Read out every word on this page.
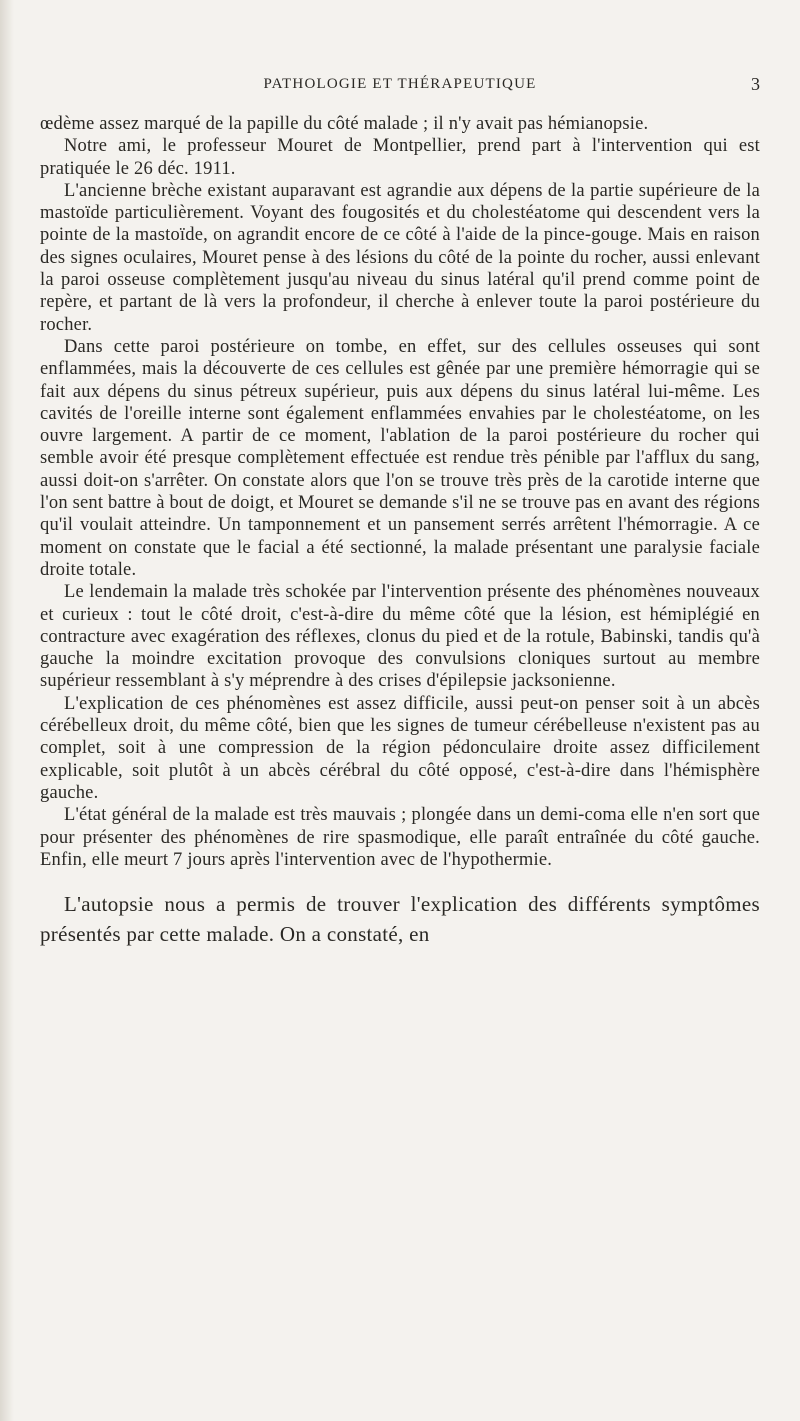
PATHOLOGIE ET THÉRAPEUTIQUE	3

œdème assez marqué de la papille du côté malade ; il n'y avait pas hémianopsie.

Notre ami, le professeur Mouret de Montpellier, prend part à l'intervention qui est pratiquée le 26 déc. 1911.

L'ancienne brèche existant auparavant est agrandie aux dépens de la partie supérieure de la mastoïde particulièrement. Voyant des fougosités et du cholestéatome qui descendent vers la pointe de la mastoïde, on agrandit encore de ce côté à l'aide de la pince-gouge. Mais en raison des signes oculaires, Mouret pense à des lésions du côté de la pointe du rocher, aussi enlevant la paroi osseuse complètement jusqu'au niveau du sinus latéral qu'il prend comme point de repère, et partant de là vers la profondeur, il cherche à enlever toute la paroi postérieure du rocher.

Dans cette paroi postérieure on tombe, en effet, sur des cellules osseuses qui sont enflammées, mais la découverte de ces cellules est gênée par une première hémorragie qui se fait aux dépens du sinus pétreux supérieur, puis aux dépens du sinus latéral lui-même. Les cavités de l'oreille interne sont également enflammées envahies par le cholestéatome, on les ouvre largement. A partir de ce moment, l'ablation de la paroi postérieure du rocher qui semble avoir été presque complètement effectuée est rendue très pénible par l'afflux du sang, aussi doit-on s'arrêter. On constate alors que l'on se trouve très près de la carotide interne que l'on sent battre à bout de doigt, et Mouret se demande s'il ne se trouve pas en avant des régions qu'il voulait atteindre. Un tamponnement et un pansement serrés arrêtent l'hémorragie. A ce moment on constate que le facial a été sectionné, la malade présentant une paralysie faciale droite totale.

Le lendemain la malade très schokée par l'intervention présente des phénomènes nouveaux et curieux : tout le côté droit, c'est-à-dire du même côté que la lésion, est hémiplégié en contracture avec exagération des réflexes, clonus du pied et de la rotule, Babinski, tandis qu'à gauche la moindre excitation provoque des convulsions cloniques surtout au membre supérieur ressemblant à s'y méprendre à des crises d'épilepsie jacksonienne.

L'explication de ces phénomènes est assez difficile, aussi peut-on penser soit à un abcès cérébelleux droit, du même côté, bien que les signes de tumeur cérébelleuse n'existent pas au complet, soit à une compression de la région pédonculaire droite assez difficilement explicable, soit plutôt à un abcès cérébral du côté opposé, c'est-à-dire dans l'hémisphère gauche.

L'état général de la malade est très mauvais ; plongée dans un demi-coma elle n'en sort que pour présenter des phénomènes de rire spasmodique, elle paraît entraînée du côté gauche. Enfin, elle meurt 7 jours après l'intervention avec de l'hypothermie.

L'autopsie nous a permis de trouver l'explication des différents symptômes présentés par cette malade. On a constaté, en
